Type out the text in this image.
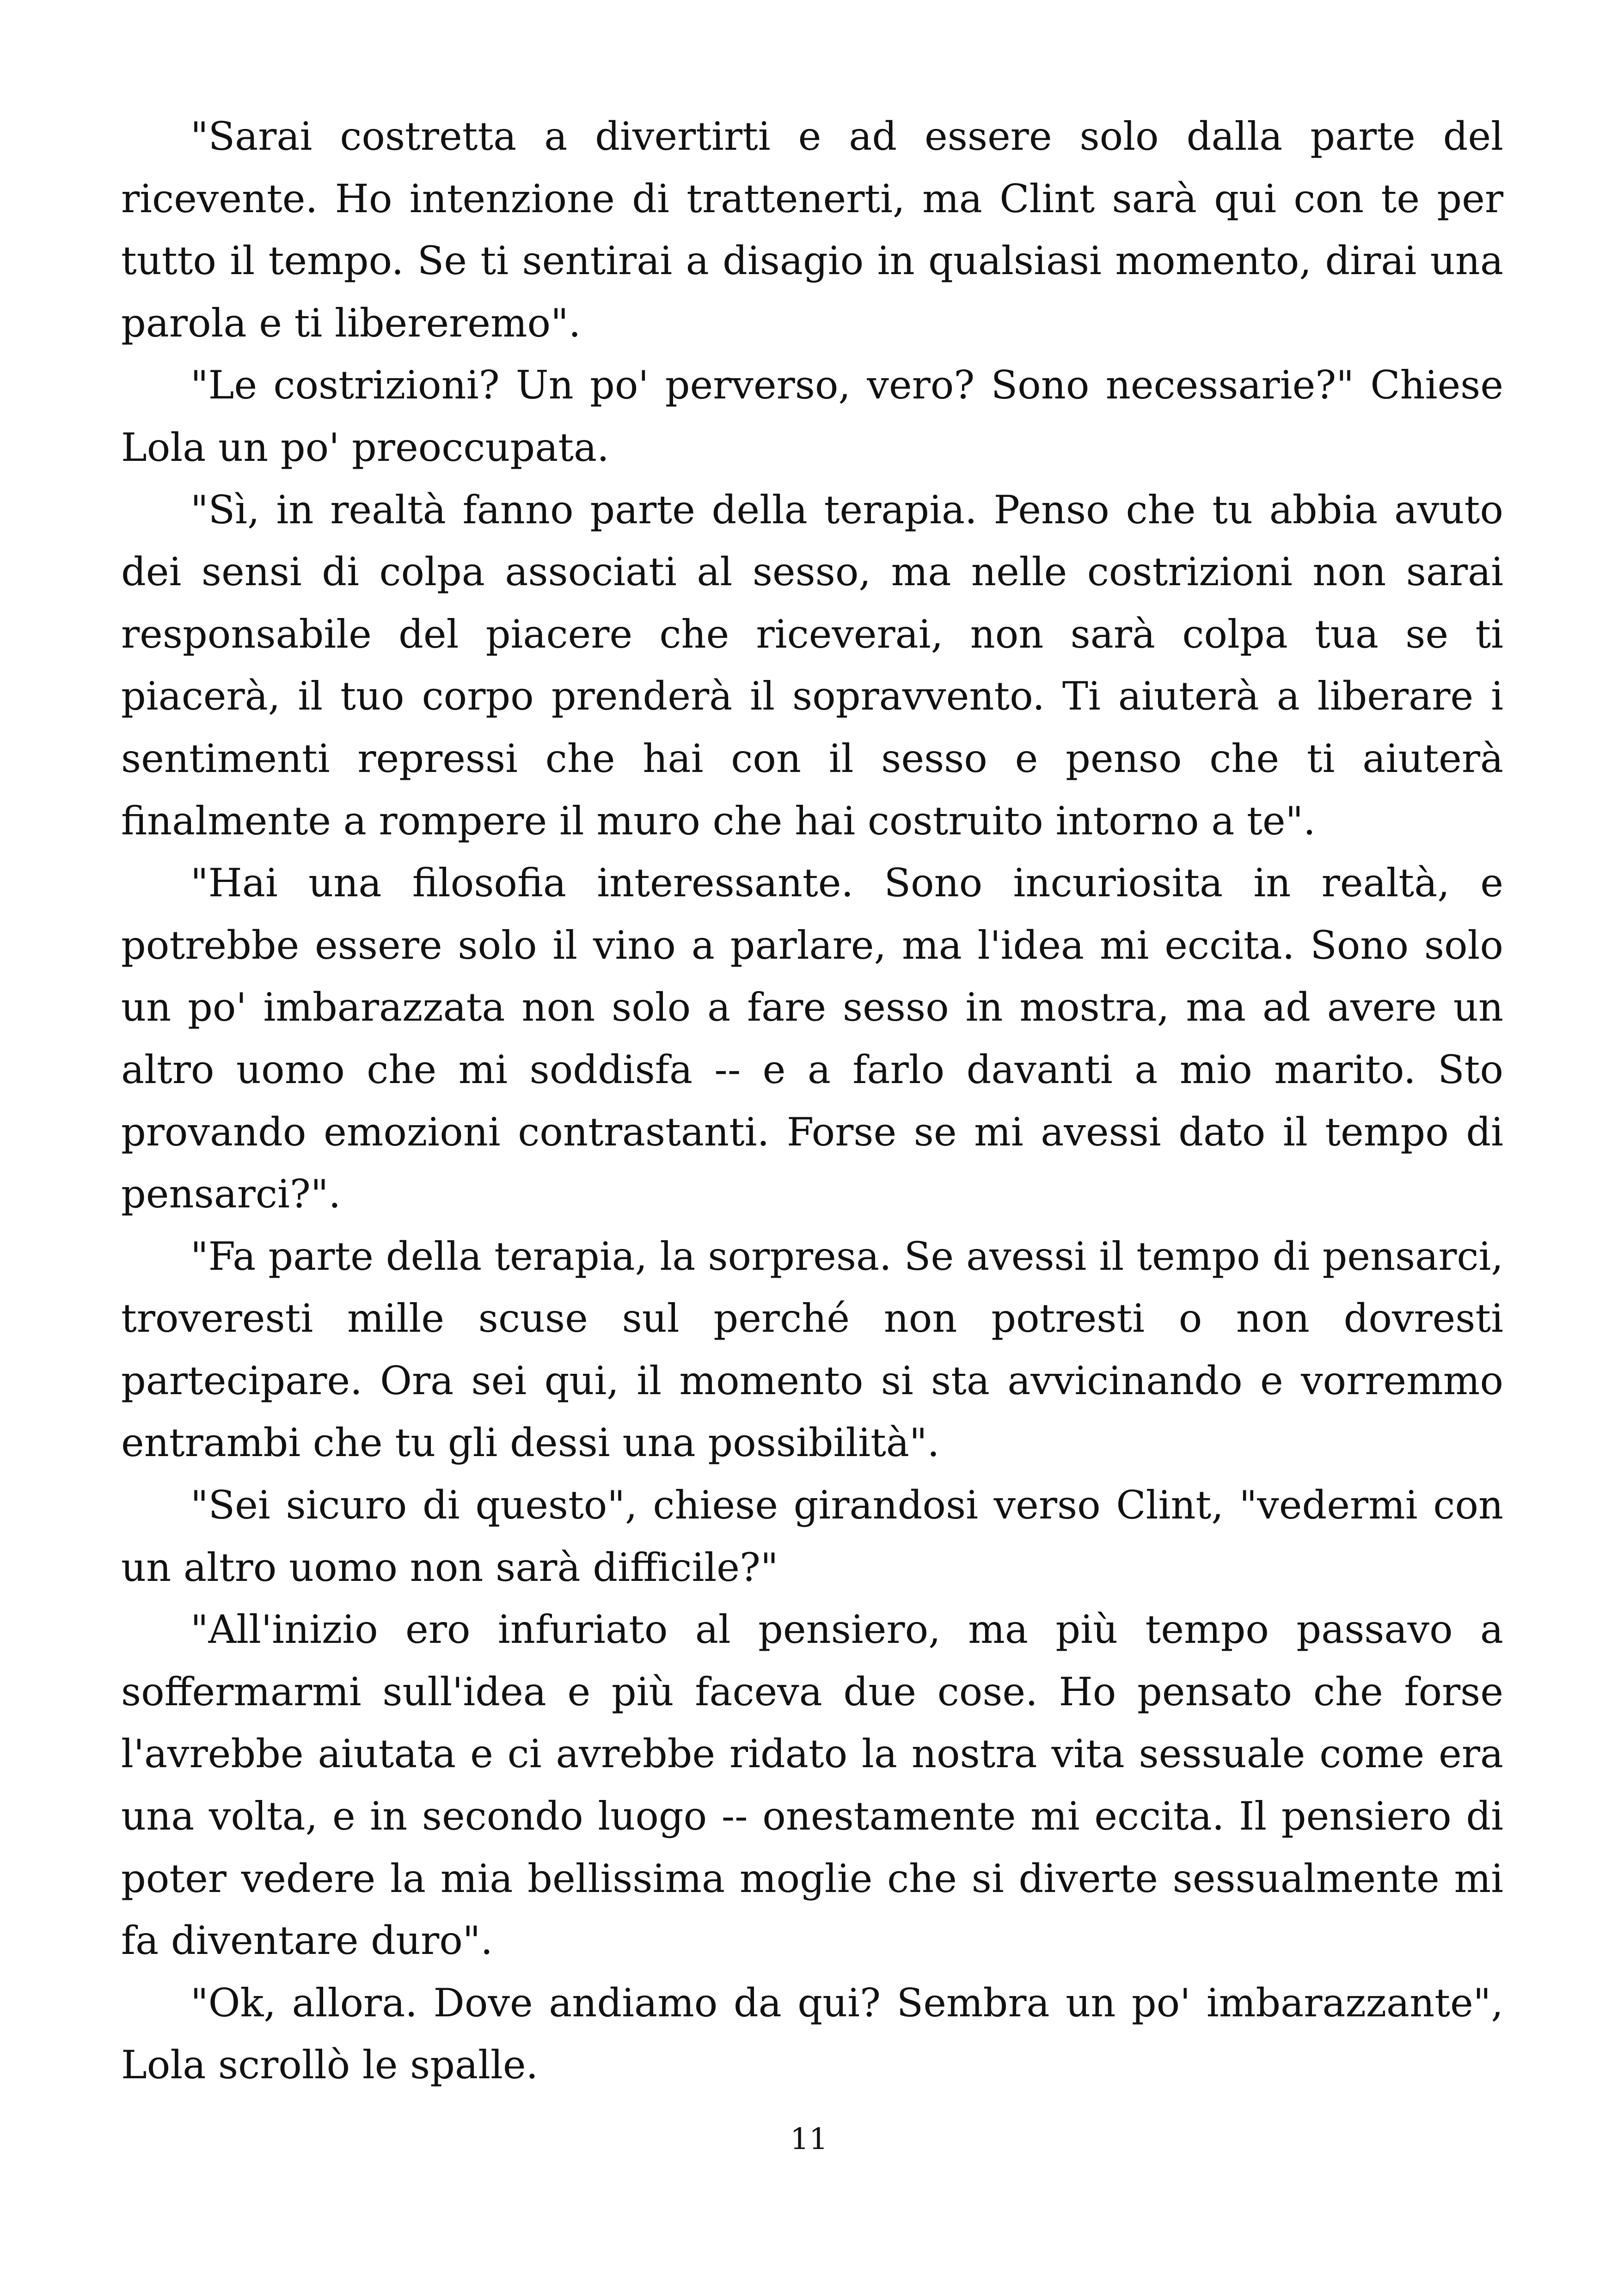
"Sarai costretta a divertirti e ad essere solo dalla parte del ricevente. Ho intenzione di trattenerti, ma Clint sarà qui con te per tutto il tempo. Se ti sentirai a disagio in qualsiasi momento, dirai una parola e ti libereremo".

"Le costrizioni? Un po' perverso, vero? Sono necessarie?" Chiese Lola un po' preoccupata.

"Sì, in realtà fanno parte della terapia. Penso che tu abbia avuto dei sensi di colpa associati al sesso, ma nelle costrizioni non sarai responsabile del piacere che riceverai, non sarà colpa tua se ti piacerà, il tuo corpo prenderà il sopravvento. Ti aiuterà a liberare i sentimenti repressi che hai con il sesso e penso che ti aiuterà finalmente a rompere il muro che hai costruito intorno a te".

"Hai una filosofia interessante. Sono incuriosita in realtà, e potrebbe essere solo il vino a parlare, ma l'idea mi eccita. Sono solo un po' imbarazzata non solo a fare sesso in mostra, ma ad avere un altro uomo che mi soddisfa -- e a farlo davanti a mio marito. Sto provando emozioni contrastanti. Forse se mi avessi dato il tempo di pensarci?".

"Fa parte della terapia, la sorpresa. Se avessi il tempo di pensarci, troveresti mille scuse sul perché non potresti o non dovresti partecipare. Ora sei qui, il momento si sta avvicinando e vorremmo entrambi che tu gli dessi una possibilità".

"Sei sicuro di questo", chiese girandosi verso Clint, "vedermi con un altro uomo non sarà difficile?"

"All'inizio ero infuriato al pensiero, ma più tempo passavo a soffermarmi sull'idea e più faceva due cose. Ho pensato che forse l'avrebbe aiutata e ci avrebbe ridato la nostra vita sessuale come era una volta, e in secondo luogo -- onestamente mi eccita. Il pensiero di poter vedere la mia bellissima moglie che si diverte sessualmente mi fa diventare duro".

"Ok, allora. Dove andiamo da qui? Sembra un po' imbarazzante", Lola scrollò le spalle.

11
